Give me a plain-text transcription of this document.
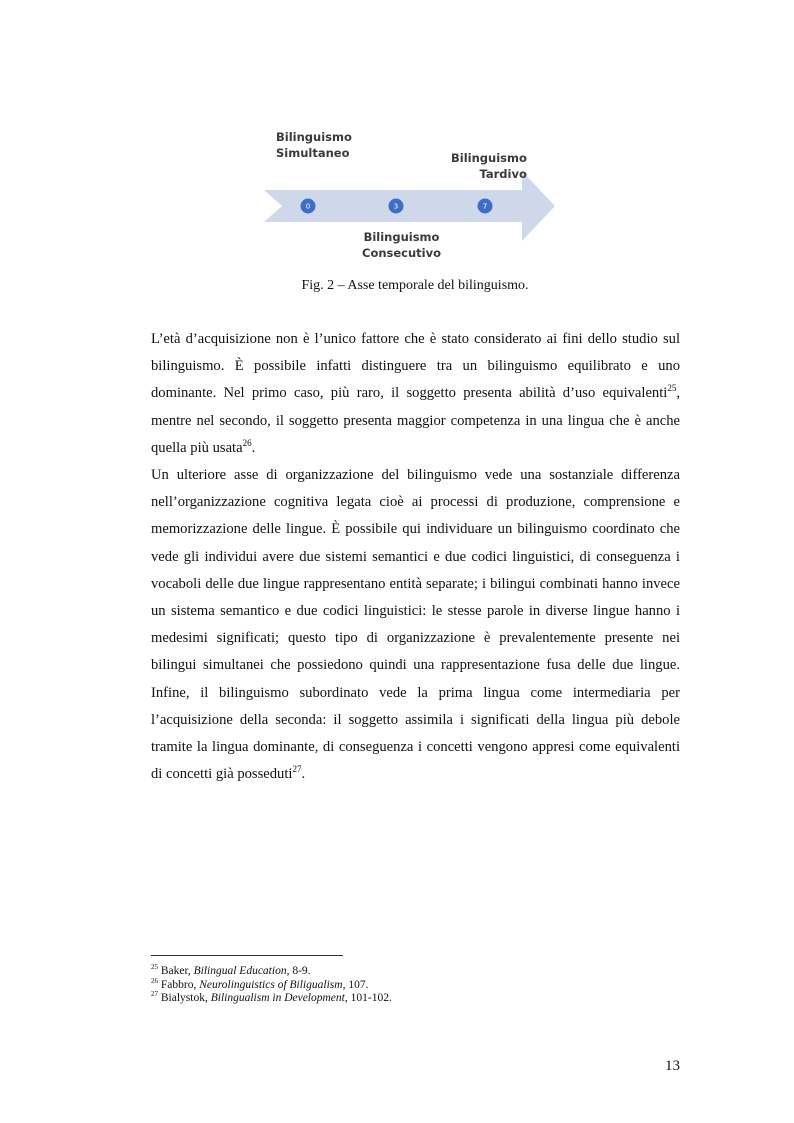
0	3	7
Bilinguismo
Simultaneo	Bilinguismo
Tardivo
Bilinguismo
Consecutivo
Fig. 2 – Asse temporale del bilinguismo.

L’età d’acquisizione non è l’unico fattore che è stato considerato ai fini dello studio sul bilinguismo. È possibile infatti distinguere tra un bilinguismo equilibrato e uno dominante. Nel primo caso, più raro, il soggetto presenta abilità d’uso equivalenti$^{25}$, mentre nel secondo, il soggetto presenta maggior competenza in una lingua che è anche quella più usata$^{26}$.

Un ulteriore asse di organizzazione del bilinguismo vede una sostanziale differenza nell’organizzazione cognitiva legata cioè ai processi di produzione, comprensione e memorizzazione delle lingue. È possibile qui individuare un bilinguismo coordinato che vede gli individui avere due sistemi semantici e due codici linguistici, di conseguenza i vocaboli delle due lingue rappresentano entità separate; i bilingui combinati hanno invece un sistema semantico e due codici linguistici: le stesse parole in diverse lingue hanno i medesimi significati; questo tipo di organizzazione è prevalentemente presente nei bilingui simultanei che possiedono quindi una rappresentazione fusa delle due lingue. Infine, il bilinguismo subordinato vede la prima lingua come intermediaria per l’acquisizione della seconda: il soggetto assimila i significati della lingua più debole tramite la lingua dominante, di conseguenza i concetti vengono appresi come equivalenti di concetti già posseduti$^{27}$.

$^{25}$ Baker, Bilingual Education, 8-9.
$^{26}$ Fabbro, Neurolinguistics of Biligualism, 107.
$^{27}$ Bialystok, Bilingualism in Development, 101-102.
13
